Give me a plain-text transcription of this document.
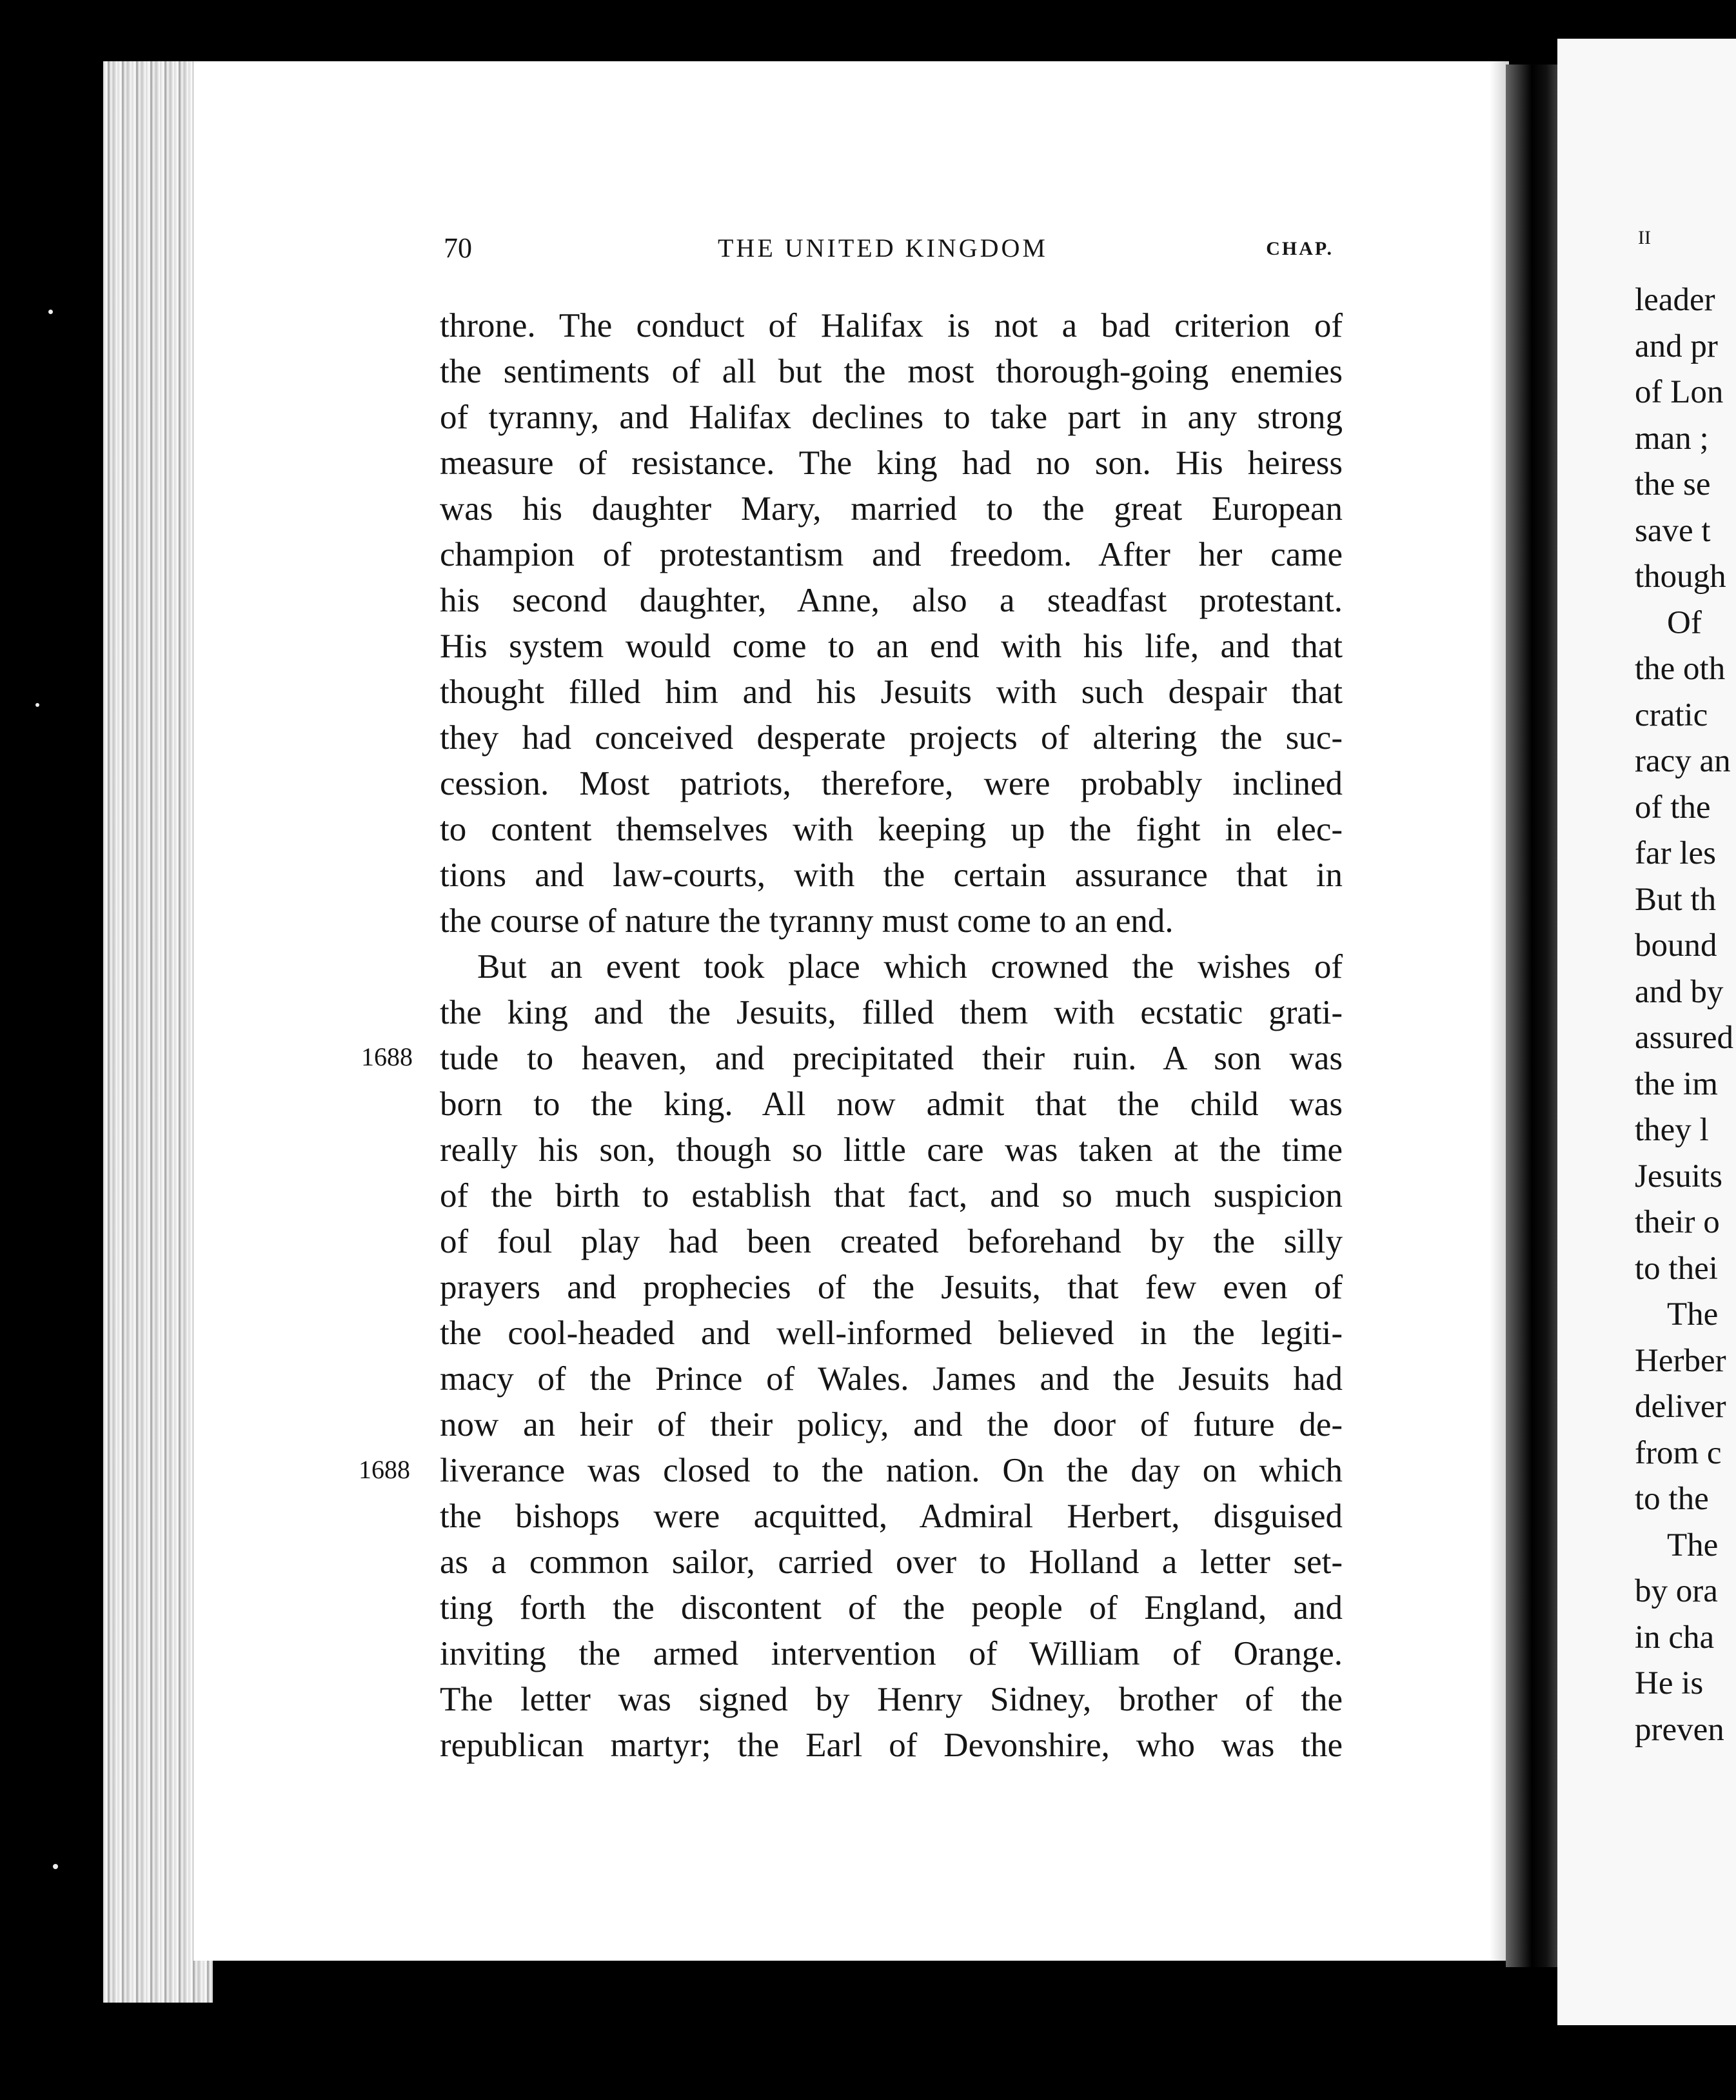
70	THE UNITED KINGDOM	CHAP.
throne. The conduct of Halifax is not a bad criterion of
the sentiments of all but the most thorough-going enemies
of tyranny, and Halifax declines to take part in any strong
measure of resistance. The king had no son. His heiress
was his daughter Mary, married to the great European
champion of protestantism and freedom. After her came
his second daughter, Anne, also a steadfast protestant.
His system would come to an end with his life, and that
thought filled him and his Jesuits with such despair that
they had conceived desperate projects of altering the suc-
cession. Most patriots, therefore, were probably inclined
to content themselves with keeping up the fight in elec-
tions and law-courts, with the certain assurance that in
the course of nature the tyranny must come to an end.
But an event took place which crowned the wishes of
the king and the Jesuits, filled them with ecstatic grati-
tude to heaven, and precipitated their ruin. A son was
born to the king. All now admit that the child was
really his son, though so little care was taken at the time
of the birth to establish that fact, and so much suspicion
of foul play had been created beforehand by the silly
prayers and prophecies of the Jesuits, that few even of
the cool-headed and well-informed believed in the legiti-
macy of the Prince of Wales. James and the Jesuits had
now an heir of their policy, and the door of future de-
liverance was closed to the nation. On the day on which
the bishops were acquitted, Admiral Herbert, disguised
as a common sailor, carried over to Holland a letter set-
ting forth the discontent of the people of England, and
inviting the armed intervention of William of Orange.
The letter was signed by Henry Sidney, brother of the
republican martyr; the Earl of Devonshire, who was the
1688
1688
II
leader
and pr
of Lon
man ;
the se
save t
though
Of
the oth
cratic
racy an
of the
far les
But th
bound
and by
assured
the im
they l
Jesuits
their o
to thei
The
Herber
deliver
from c
to the
The
by ora
in cha
He is
preven
